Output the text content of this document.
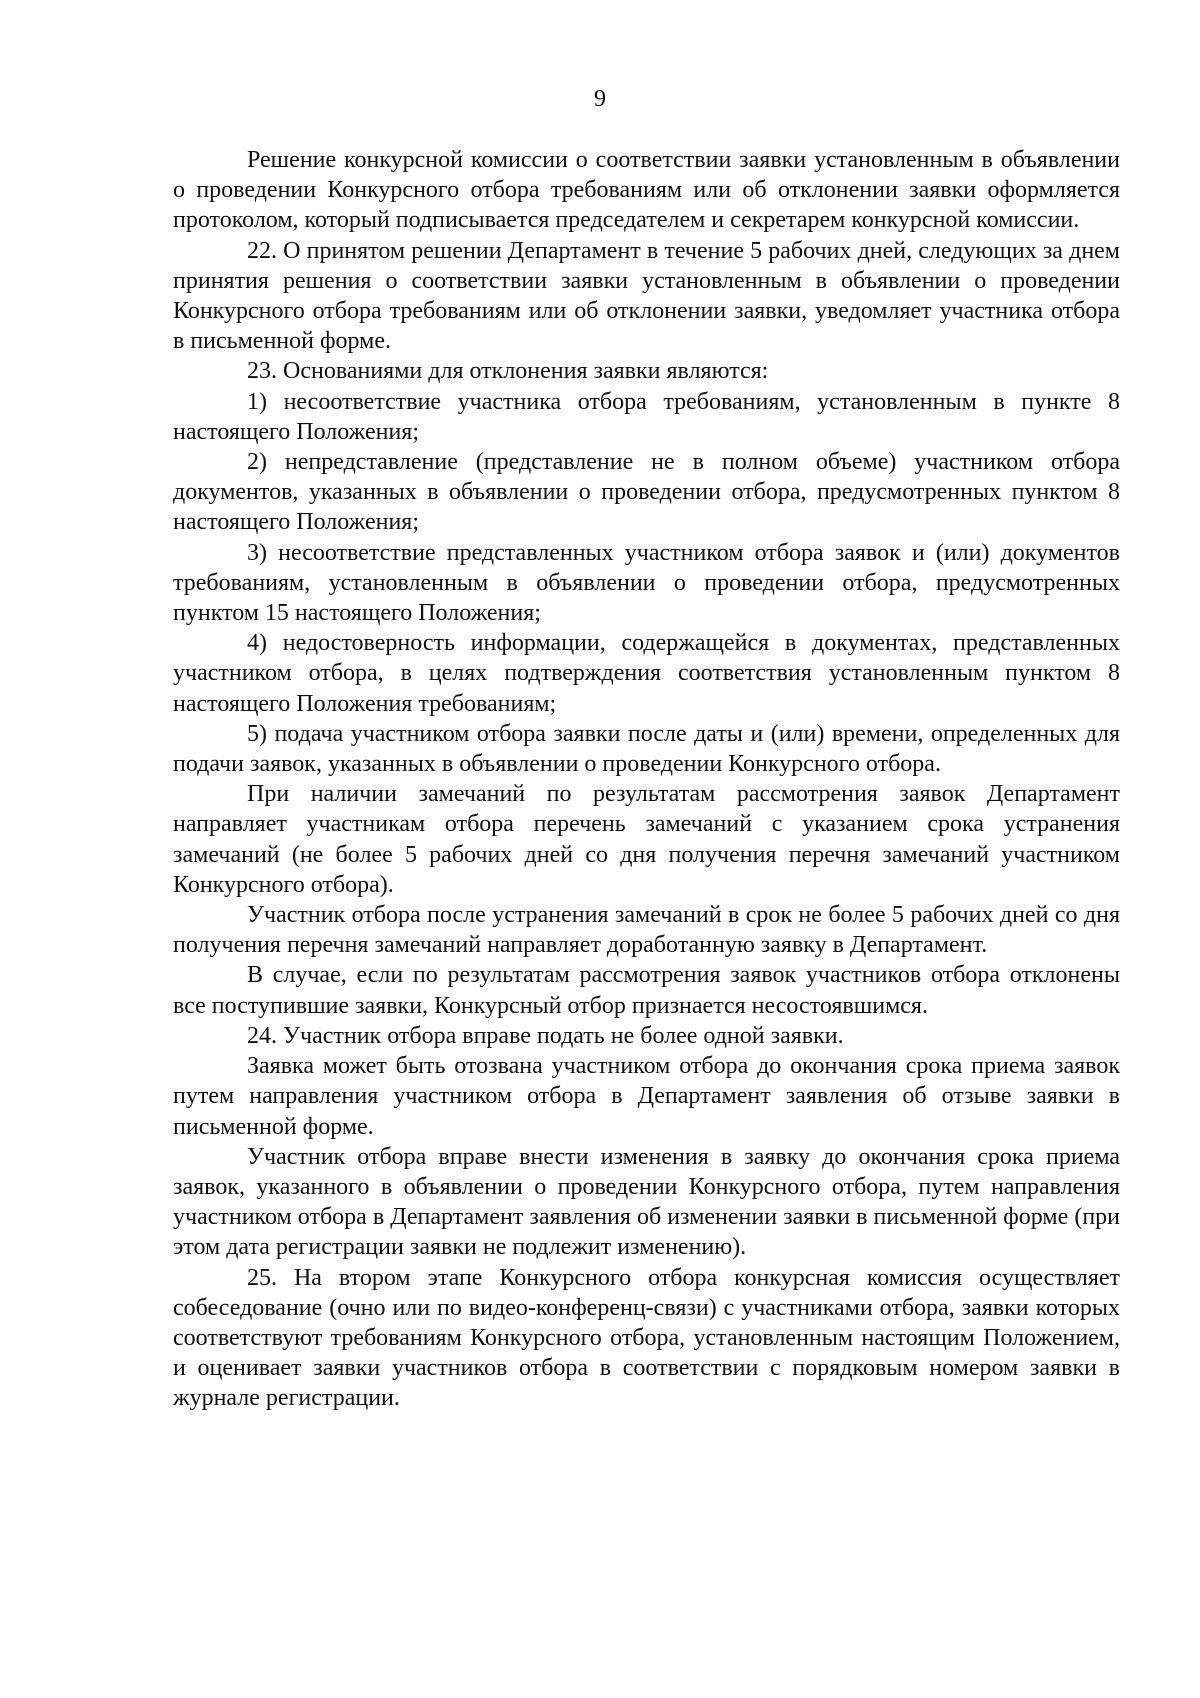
9

Решение конкурсной комиссии о соответствии заявки установленным в объявлении о проведении Конкурсного отбора требованиям или об отклонении заявки оформляется протоколом, который подписывается председателем и секретарем конкурсной комиссии.

22. О принятом решении Департамент в течение 5 рабочих дней, следующих за днем принятия решения о соответствии заявки установленным в объявлении о проведении Конкурсного отбора требованиям или об отклонении заявки, уведомляет участника отбора в письменной форме.

23. Основаниями для отклонения заявки являются:

1) несоответствие участника отбора требованиям, установленным в пункте 8 настоящего Положения;

2) непредставление (представление не в полном объеме) участником отбора документов, указанных в объявлении о проведении отбора, предусмотренных пунктом 8 настоящего Положения;

3) несоответствие представленных участником отбора заявок и (или) документов требованиям, установленным в объявлении о проведении отбора, предусмотренных пунктом 15 настоящего Положения;

4) недостоверность информации, содержащейся в документах, представленных участником отбора, в целях подтверждения соответствия установленным пунктом 8 настоящего Положения требованиям;

5) подача участником отбора заявки после даты и (или) времени, определенных для подачи заявок, указанных в объявлении о проведении Конкурсного отбора.

При наличии замечаний по результатам рассмотрения заявок Департамент направляет участникам отбора перечень замечаний с указанием срока устранения замечаний (не более 5 рабочих дней со дня получения перечня замечаний участником Конкурсного отбора).

Участник отбора после устранения замечаний в срок не более 5 рабочих дней со дня получения перечня замечаний направляет доработанную заявку в Департамент.

В случае, если по результатам рассмотрения заявок участников отбора отклонены все поступившие заявки, Конкурсный отбор признается несостоявшимся.

24. Участник отбора вправе подать не более одной заявки.

Заявка может быть отозвана участником отбора до окончания срока приема заявок путем направления участником отбора в Департамент заявления об отзыве заявки в письменной форме.

Участник отбора вправе внести изменения в заявку до окончания срока приема заявок, указанного в объявлении о проведении Конкурсного отбора, путем направления участником отбора в Департамент заявления об изменении заявки в письменной форме (при этом дата регистрации заявки не подлежит изменению).

25. На втором этапе Конкурсного отбора конкурсная комиссия осуществляет собеседование (очно или по видео-конференц-связи) с участниками отбора, заявки которых соответствуют требованиям Конкурсного отбора, установленным настоящим Положением, и оценивает заявки участников отбора в соответствии с порядковым номером заявки в журнале регистрации.
